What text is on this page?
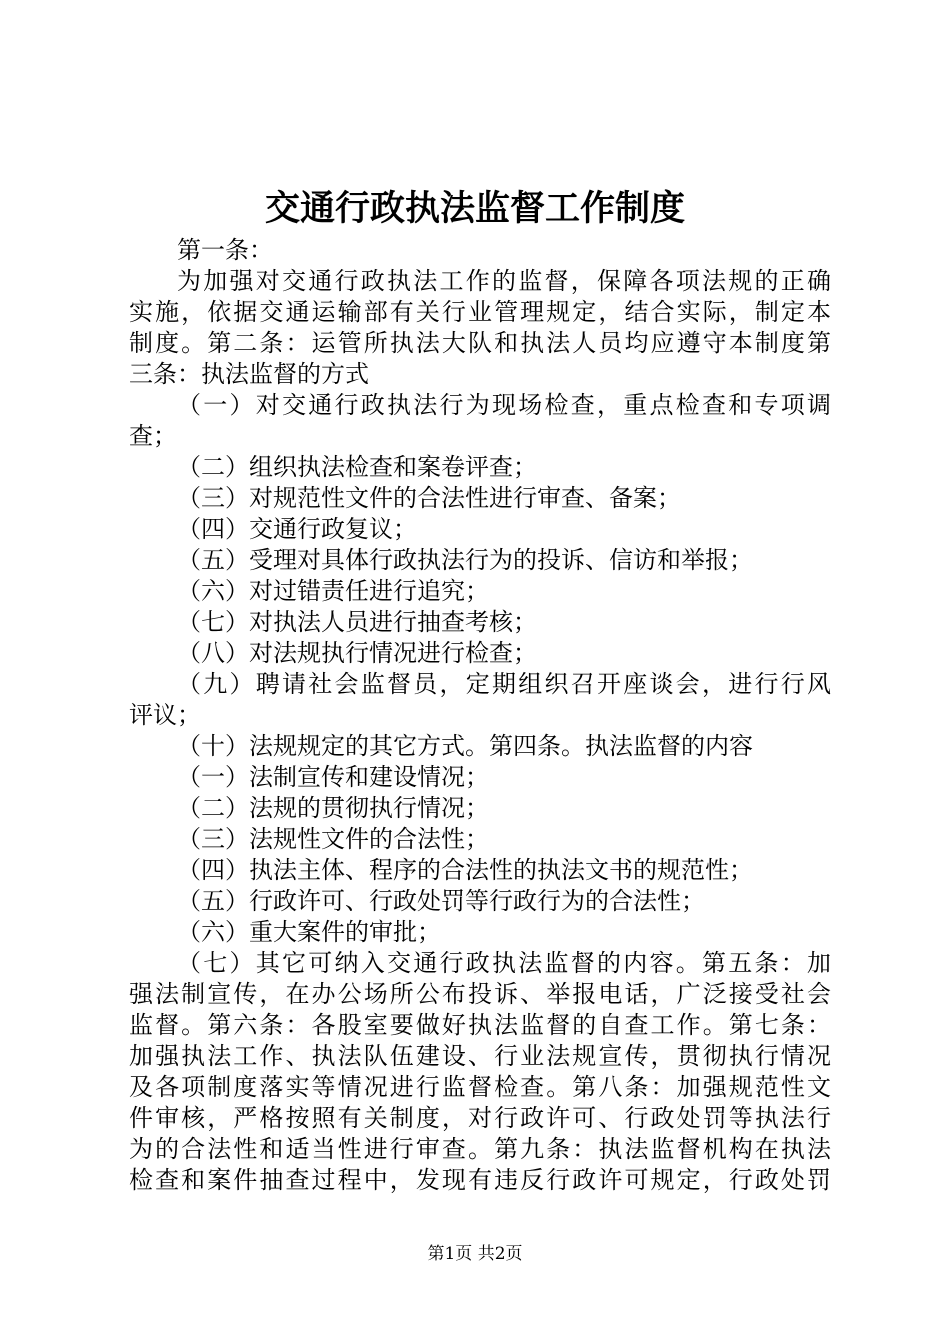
交通行政执法监督工作制度
第一条：
为加强对交通行政执法工作的监督，保障各项法规的正确
实施，依据交通运输部有关行业管理规定，结合实际，制定本
制度。第二条：运管所执法大队和执法人员均应遵守本制度第
三条：执法监督的方式
（一）对交通行政执法行为现场检查，重点检查和专项调
查；
（二）组织执法检查和案卷评查；
（三）对规范性文件的合法性进行审查、备案；
（四）交通行政复议；
（五）受理对具体行政执法行为的投诉、信访和举报；
（六）对过错责任进行追究；
（七）对执法人员进行抽查考核；
（八）对法规执行情况进行检查；
（九）聘请社会监督员，定期组织召开座谈会，进行行风
评议；
（十）法规规定的其它方式。第四条。执法监督的内容
（一）法制宣传和建设情况；
（二）法规的贯彻执行情况；
（三）法规性文件的合法性；
（四）执法主体、程序的合法性的执法文书的规范性；
（五）行政许可、行政处罚等行政行为的合法性；
（六）重大案件的审批；
（七）其它可纳入交通行政执法监督的内容。第五条：加
强法制宣传，在办公场所公布投诉、举报电话，广泛接受社会
监督。第六条：各股室要做好执法监督的自查工作。第七条：
加强执法工作、执法队伍建设、行业法规宣传，贯彻执行情况
及各项制度落实等情况进行监督检查。第八条：加强规范性文
件审核，严格按照有关制度，对行政许可、行政处罚等执法行
为的合法性和适当性进行审查。第九条：执法监督机构在执法
检查和案件抽查过程中，发现有违反行政许可规定，行政处罚
第1页 共2页
